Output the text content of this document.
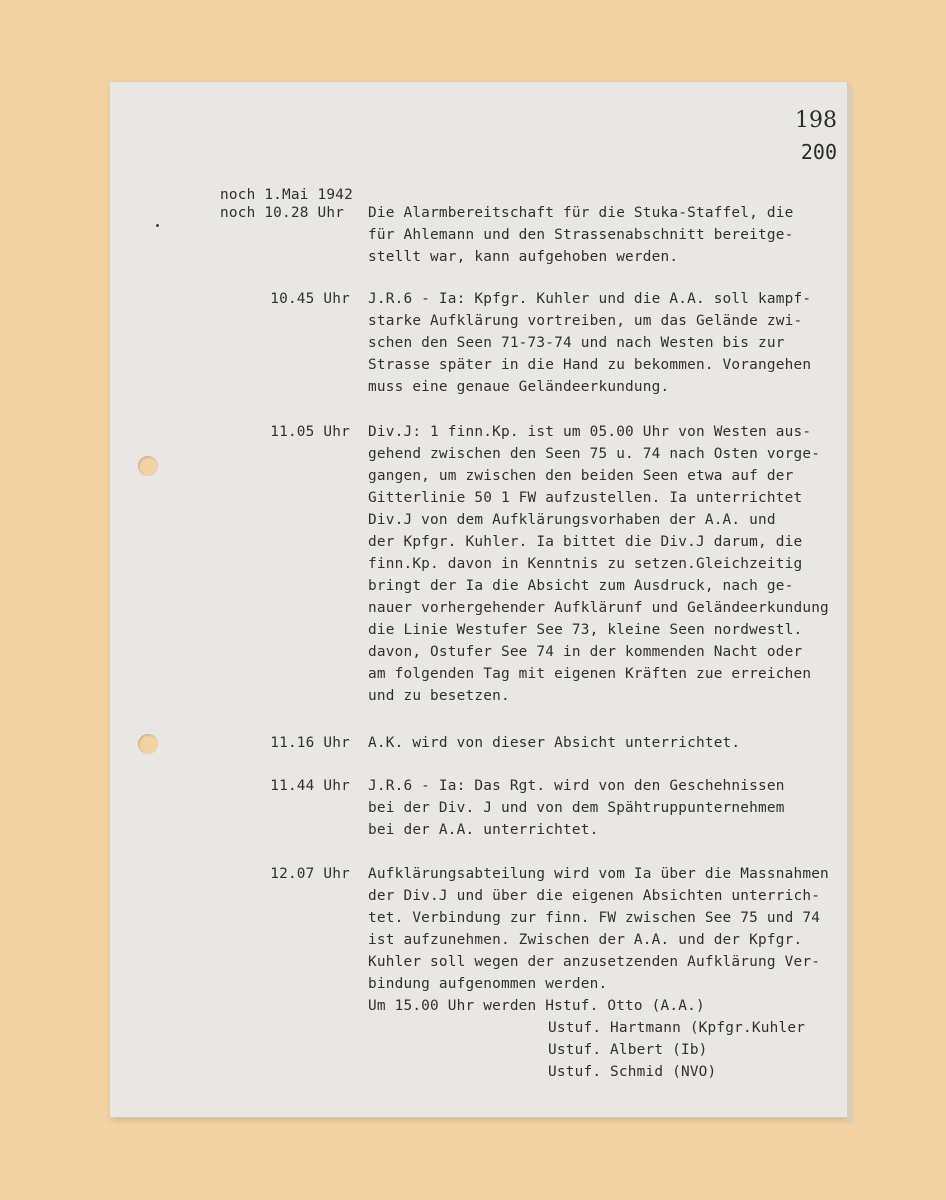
198
200
noch 1.Mai 1942
noch 10.28 Uhr Die Alarmbereitschaft für die Stuka-Staffel, die
für Ahlemann und den Strassenabschnitt bereitge-
stellt war, kann aufgehoben werden.
10.45 Uhr J.R.6 - Ia: Kpfgr. Kuhler und die A.A. soll kampf-
starke Aufklärung vortreiben, um das Gelände zwi-
schen den Seen 71-73-74 und nach Westen bis zur
Strasse später in die Hand zu bekommen. Vorangehen
muss eine genaue Geländeerkundung.
11.05 Uhr Div.J: 1 finn.Kp. ist um 05.00 Uhr von Westen aus-
gehend zwischen den Seen 75 u. 74 nach Osten vorge-
gangen, um zwischen den beiden Seen etwa auf der
Gitterlinie 50 1 FW aufzustellen. Ia unterrichtet
Div.J von dem Aufklärungsvorhaben der A.A. und
der Kpfgr. Kuhler. Ia bittet die Div.J darum, die
finn.Kp. davon in Kenntnis zu setzen.Gleichzeitig
bringt der Ia die Absicht zum Ausdruck, nach ge-
nauer vorhergehender Aufklärunf und Geländeerkundung
die Linie Westufer See 73, kleine Seen nordwestl.
davon, Ostufer See 74 in der kommenden Nacht oder
am folgenden Tag mit eigenen Kräften zue erreichen
und zu besetzen.
11.16 Uhr A.K. wird von dieser Absicht unterrichtet.
11.44 Uhr J.R.6 - Ia: Das Rgt. wird von den Geschehnissen
bei der Div. J und von dem Spähtruppunternehmem
bei der A.A. unterrichtet.
12.07 Uhr Aufklärungsabteilung wird vom Ia über die Massnahmen
der Div.J und über die eigenen Absichten unterrich-
tet. Verbindung zur finn. FW zwischen See 75 und 74
ist aufzunehmen. Zwischen der A.A. und der Kpfgr.
Kuhler soll wegen der anzusetzenden Aufklärung Ver-
bindung aufgenommen werden.
Um 15.00 Uhr werden Hstuf. Otto (A.A.)
Ustuf. Hartmann (Kpfgr.Kuhler
Ustuf. Albert (Ib)
Ustuf. Schmid (NVO)
